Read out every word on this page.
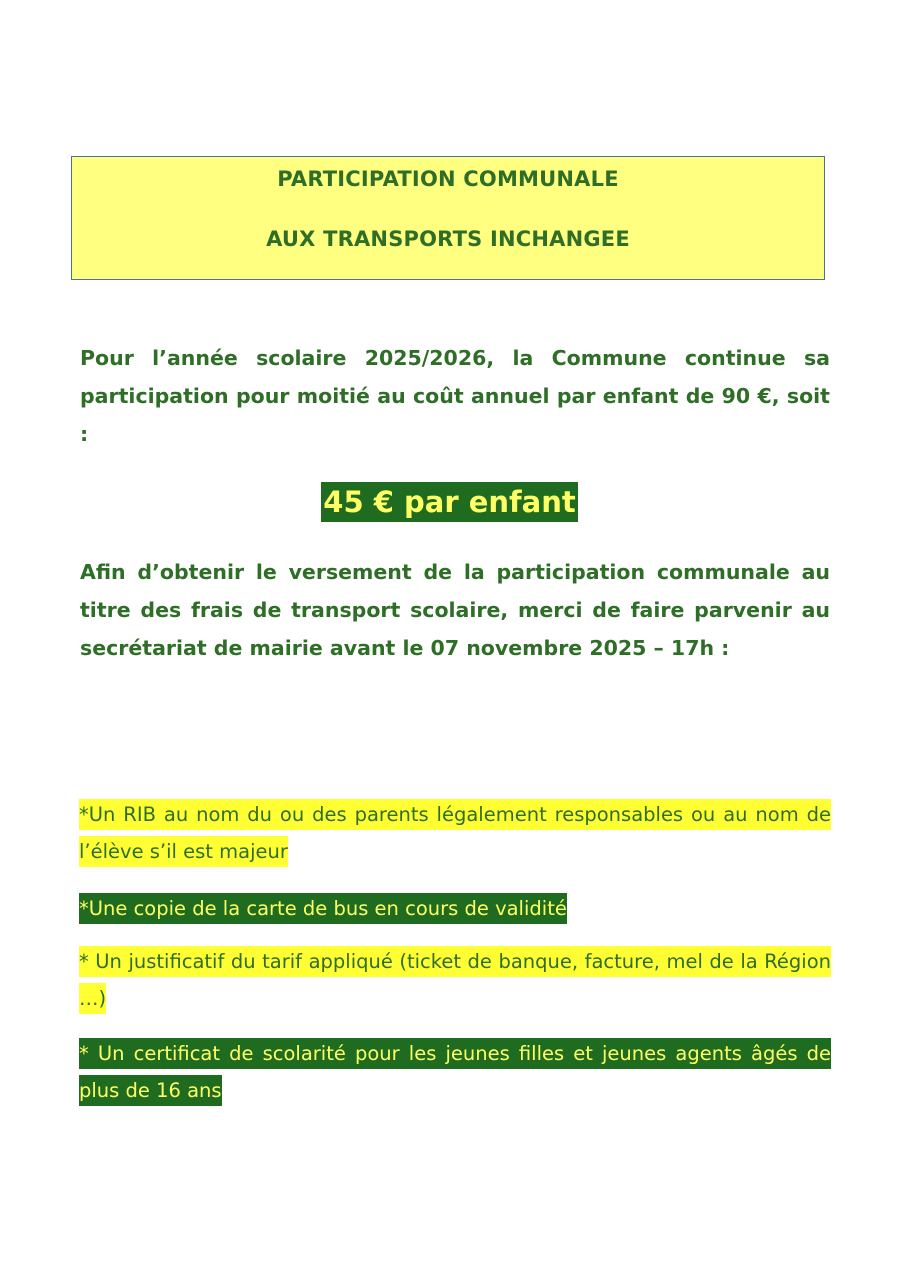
PARTICIPATION COMMUNALE
AUX TRANSPORTS INCHANGEE
Pour l’année scolaire 2025/2026, la Commune continue sa participation pour moitié au coût annuel par enfant de 90 €, soit :
45 € par enfant
Afin d’obtenir le versement de la participation communale au titre des frais de transport scolaire, merci de faire parvenir au secrétariat de mairie avant le 07 novembre 2025 – 17h :
*Un RIB au nom du ou des parents légalement responsables ou au nom de l’élève s’il est majeur
*Une copie de la carte de bus en cours de validité
* Un justificatif du tarif appliqué (ticket de banque, facture, mel de la Région …)
* Un certificat de scolarité pour les jeunes filles et jeunes agents âgés de plus de 16 ans
